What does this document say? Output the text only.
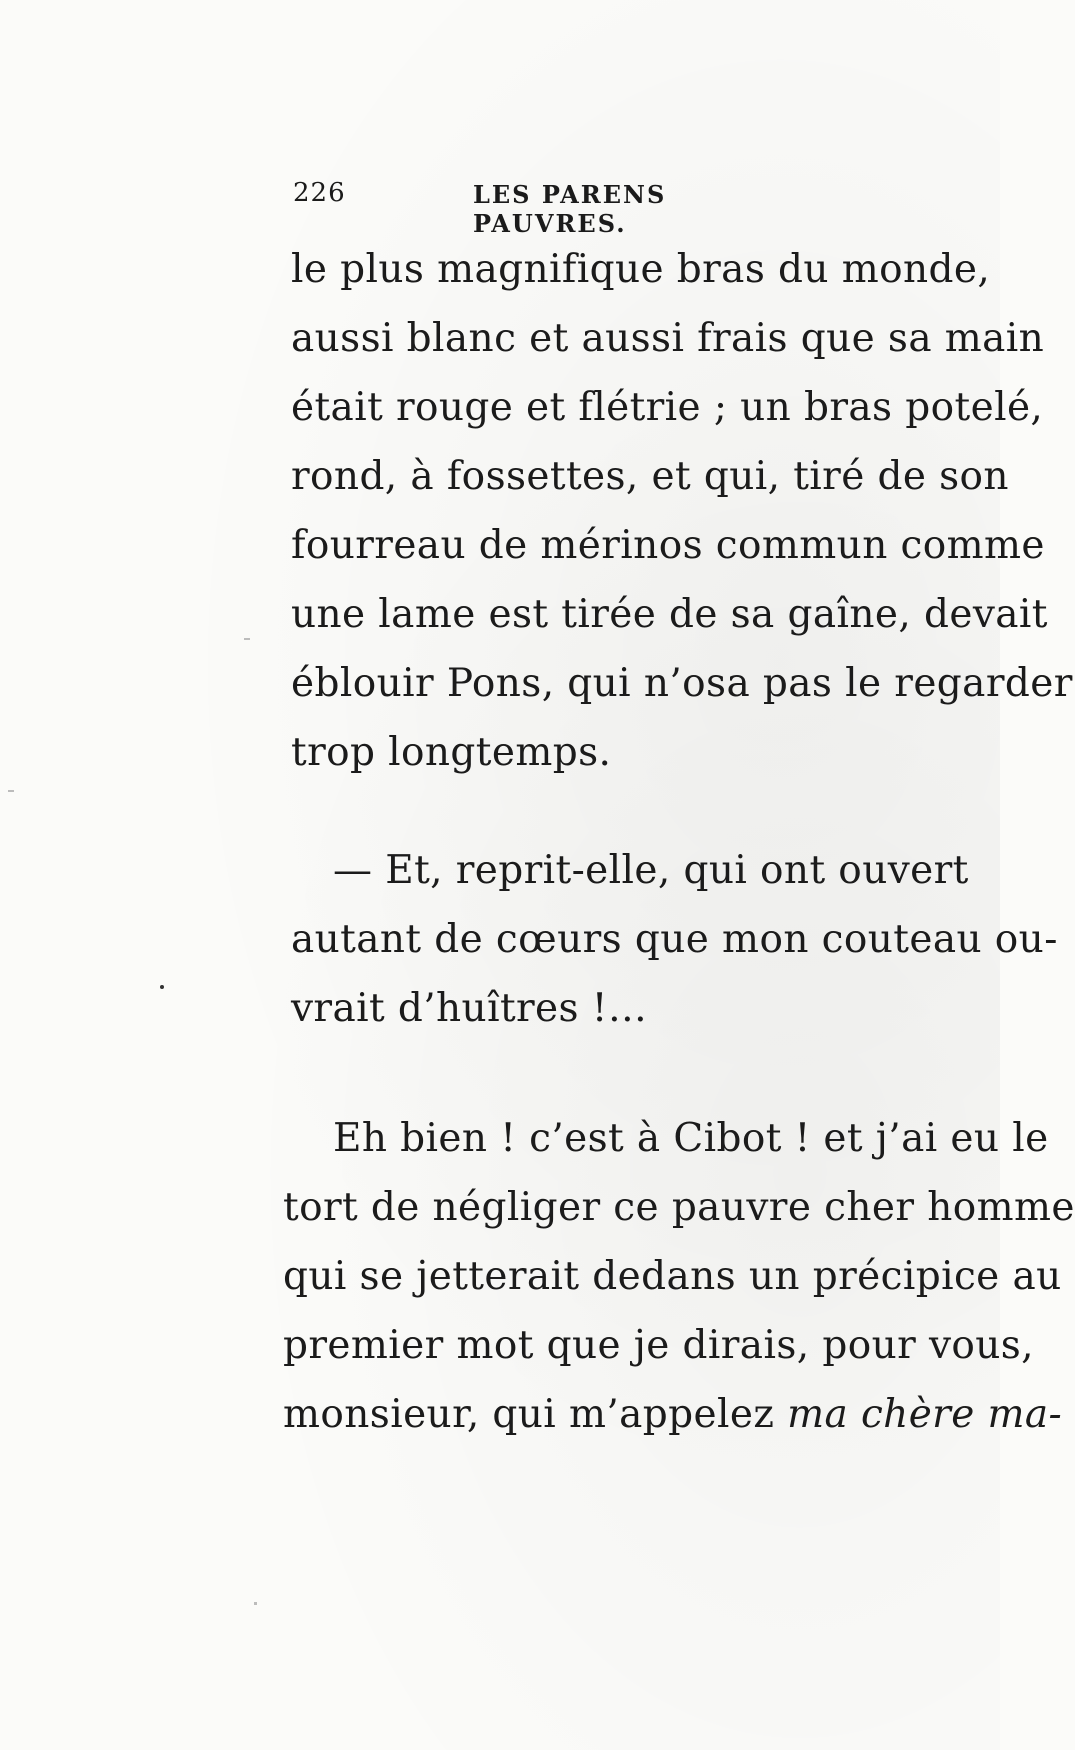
226	LES PARENS PAUVRES.
le plus magnifique bras du monde,
aussi blanc et aussi frais que sa main
était rouge et flétrie ; un bras potelé,
rond, à fossettes, et qui, tiré de son
fourreau de mérinos commun comme
une lame est tirée de sa gaîne, devait
éblouir Pons, qui n’osa pas le regarder
trop longtemps.
— Et, reprit-elle, qui ont ouvert
autant de cœurs que mon couteau ou-
vrait d’huîtres !…
Eh bien ! c’est à Cibot ! et j’ai eu le
tort de négliger ce pauvre cher homme
qui se jetterait dedans un précipice au
premier mot que je dirais, pour vous,
monsieur, qui m’appelez ma chère ma-
